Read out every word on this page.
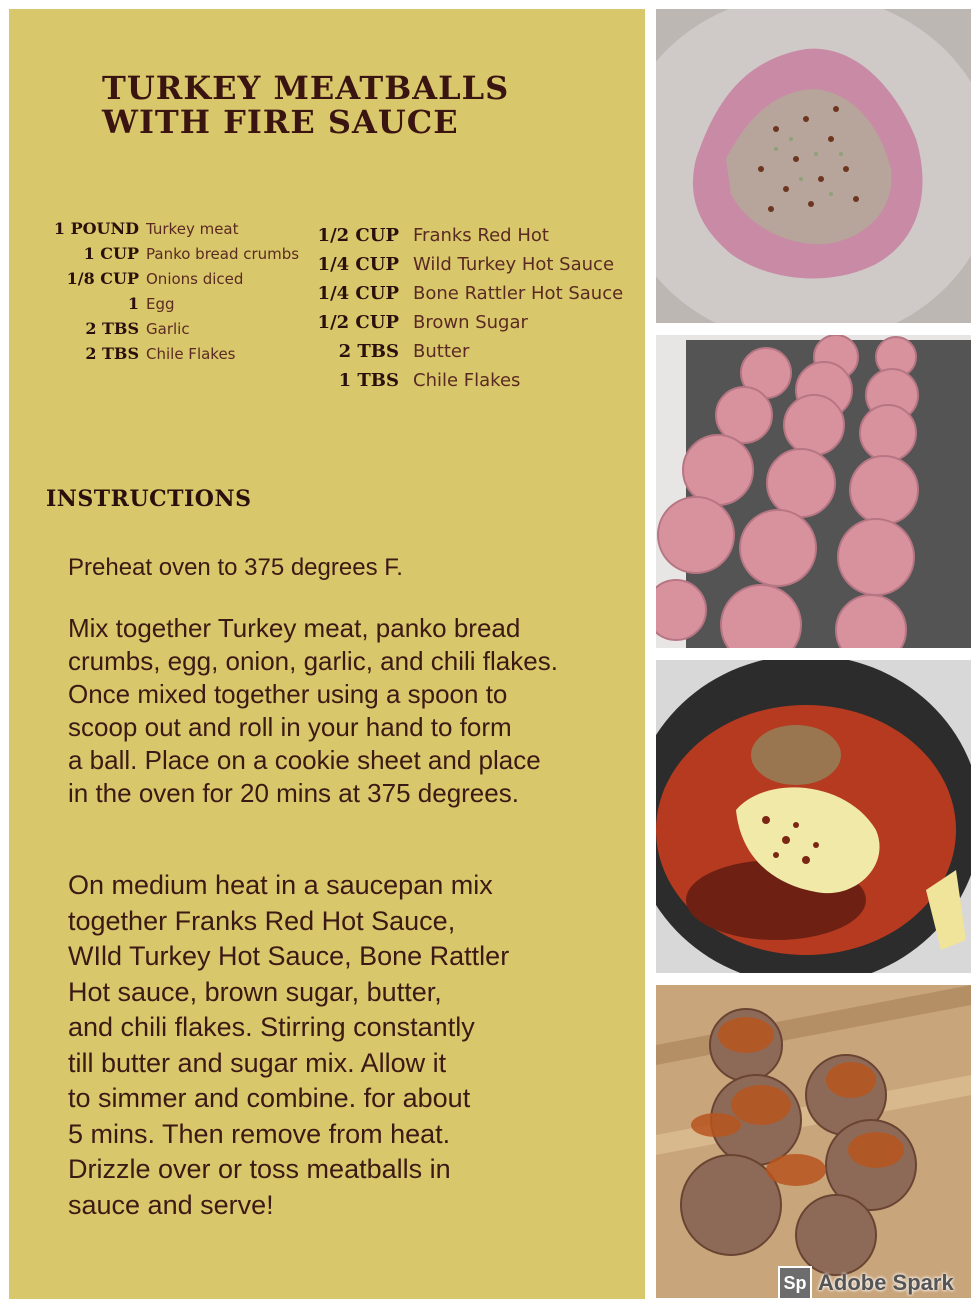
TURKEY MEATBALLS
WITH FIRE SAUCE
1 POUND Turkey meat
1 CUP Panko bread crumbs
1/8 CUP Onions diced
1 Egg
2 TBS Garlic
2 TBS Chile Flakes
1/2 CUP Franks Red Hot
1/4 CUP Wild Turkey Hot Sauce
1/4 CUP Bone Rattler Hot Sauce
1/2 CUP Brown Sugar
2 TBS Butter
1 TBS Chile Flakes
INSTRUCTIONS
Preheat oven to 375 degrees F.
Mix together Turkey meat, panko bread
crumbs, egg, onion, garlic, and chili flakes.
Once mixed together using a spoon to
scoop out and roll in your hand to form
a ball. Place on a cookie sheet and place
in the oven for 20 mins at 375 degrees.
On medium heat in a saucepan mix
together Franks Red Hot Sauce,
WIld Turkey Hot Sauce, Bone Rattler
Hot sauce, brown sugar, butter,
and chili flakes. Stirring constantly
till butter and sugar mix. Allow it
to simmer and combine. for about
5 mins. Then remove from heat.
Drizzle over or toss meatballs in
sauce and serve!
Sp Adobe Spark
